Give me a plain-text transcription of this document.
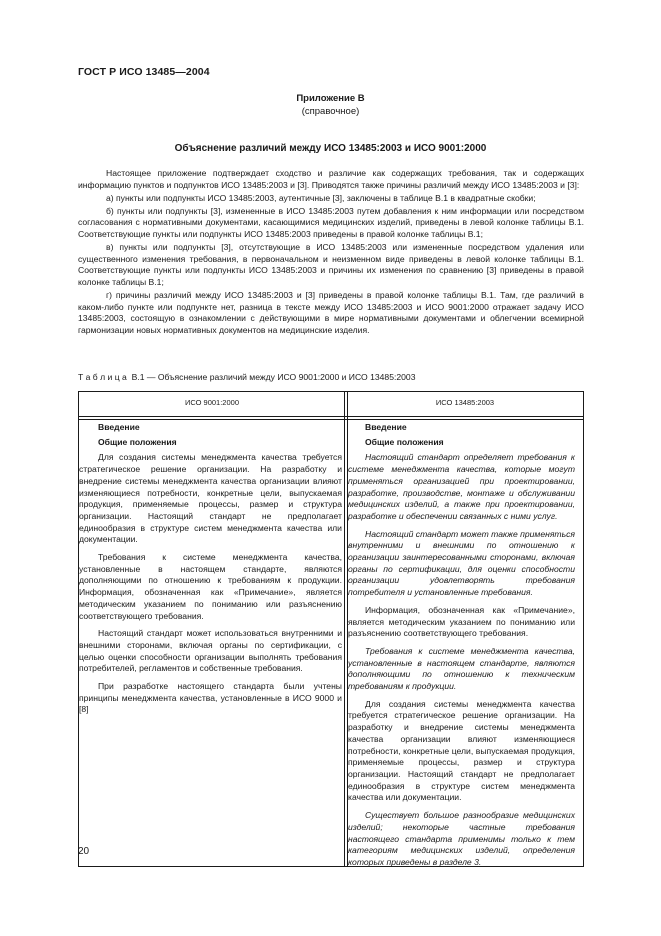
ГОСТ Р ИСО 13485—2004
Приложение В
(справочное)
Объяснение различий между ИСО 13485:2003 и ИСО 9001:2000

Настоящее приложение подтверждает сходство и различие как содержащих требования, так и содержащих информацию пунктов и подпунктов ИСО 13485:2003 и [3]. Приводятся также причины различий между ИСО 13485:2003 и [3]:

а) пункты или подпункты ИСО 13485:2003, аутентичные [3], заключены в таблице В.1 в квадратные скобки;

б) пункты или подпункты [3], измененные в ИСО 13485:2003 путем добавления к ним информации или посредством согласования с нормативными документами, касающимися медицинских изделий, приведены в левой колонке таблицы В.1. Соответствующие пункты или подпункты ИСО 13485:2003 приведены в правой колонке таблицы В.1;

в) пункты или подпункты [3], отсутствующие в ИСО 13485:2003 или измененные посредством удаления или существенного изменения требования, в первоначальном и неизменном виде приведены в левой колонке таблицы В.1. Соответствующие пункты или подпункты ИСО 13485:2003 и причины их изменения по сравнению [3] приведены в правой колонке таблицы В.1;

г) причины различий между ИСО 13485:2003 и [3] приведены в правой колонке таблицы В.1. Там, где различий в каком-либо пункте или подпункте нет, разница в тексте между ИСО 13485:2003 и ИСО 9001:2000 отражает задачу ИСО 13485:2003, состоящую в ознакомлении с действующими в мире нормативными документами и облегчении всемирной гармонизации новых нормативных документов на медицинские изделия.

Т а б л и ц а  В.1 — Объяснение различий между ИСО 9001:2000 и ИСО 13485:2003
ИСО 9001:2000	ИСО 13485:2003
Введение
Общие положения

Для создания системы менеджмента качества требуется стратегическое решение организации. На разработку и внедрение системы менеджмента качества организации влияют изменяющиеся потребности, конкретные цели, выпускаемая продукция, применяемые процессы, размер и структура организации. Настоящий стандарт не предполагает единообразия в структуре систем менеджмента качества или документации.

Требования к системе менеджмента качества, установленные в настоящем стандарте, являются дополняющими по отношению к требованиям к продукции. Информация, обозначенная как «Примечание», является методическим указанием по пониманию или разъяснению соответствующего требования.

Настоящий стандарт может использоваться внутренними и внешними сторонами, включая органы по сертификации, с целью оценки способности организации выполнять требования потребителей, регламентов и собственные требования.

При разработке настоящего стандарта были учтены принципы менеджмента качества, установленные в ИСО 9000 и [8]

Введение
Общие положения

Настоящий стандарт определяет требования к системе менеджмента качества, которые могут применяться организацией при проектировании, разработке, производстве, монтаже и обслуживании медицинских изделий, а также при проектировании, разработке и обеспечении связанных с ними услуг.

Настоящий стандарт может также применяться внутренними и внешними по отношению к организации заинтересованными сторонами, включая органы по сертификации, для оценки способности организации удовлетворять требования потребителя и установленные требования.

Информация, обозначенная как «Примечание», является методическим указанием по пониманию или разъяснению соответствующего требования.

Требования к системе менеджмента качества, установленные в настоящем стандарте, являются дополняющими по отношению к техническим требованиям к продукции.

Для создания системы менеджмента качества требуется стратегическое решение организации. На разработку и внедрение системы менеджмента качества организации влияют изменяющиеся потребности, конкретные цели, выпускаемая продукция, применяемые процессы, размер и структура организации. Настоящий стандарт не предполагает единообразия в структуре систем менеджмента качества или документации.

Существует большое разнообразие медицинских изделий; некоторые частные требования настоящего стандарта применимы только к тем категориям медицинских изделий, определения которых приведены в разделе 3.

20
